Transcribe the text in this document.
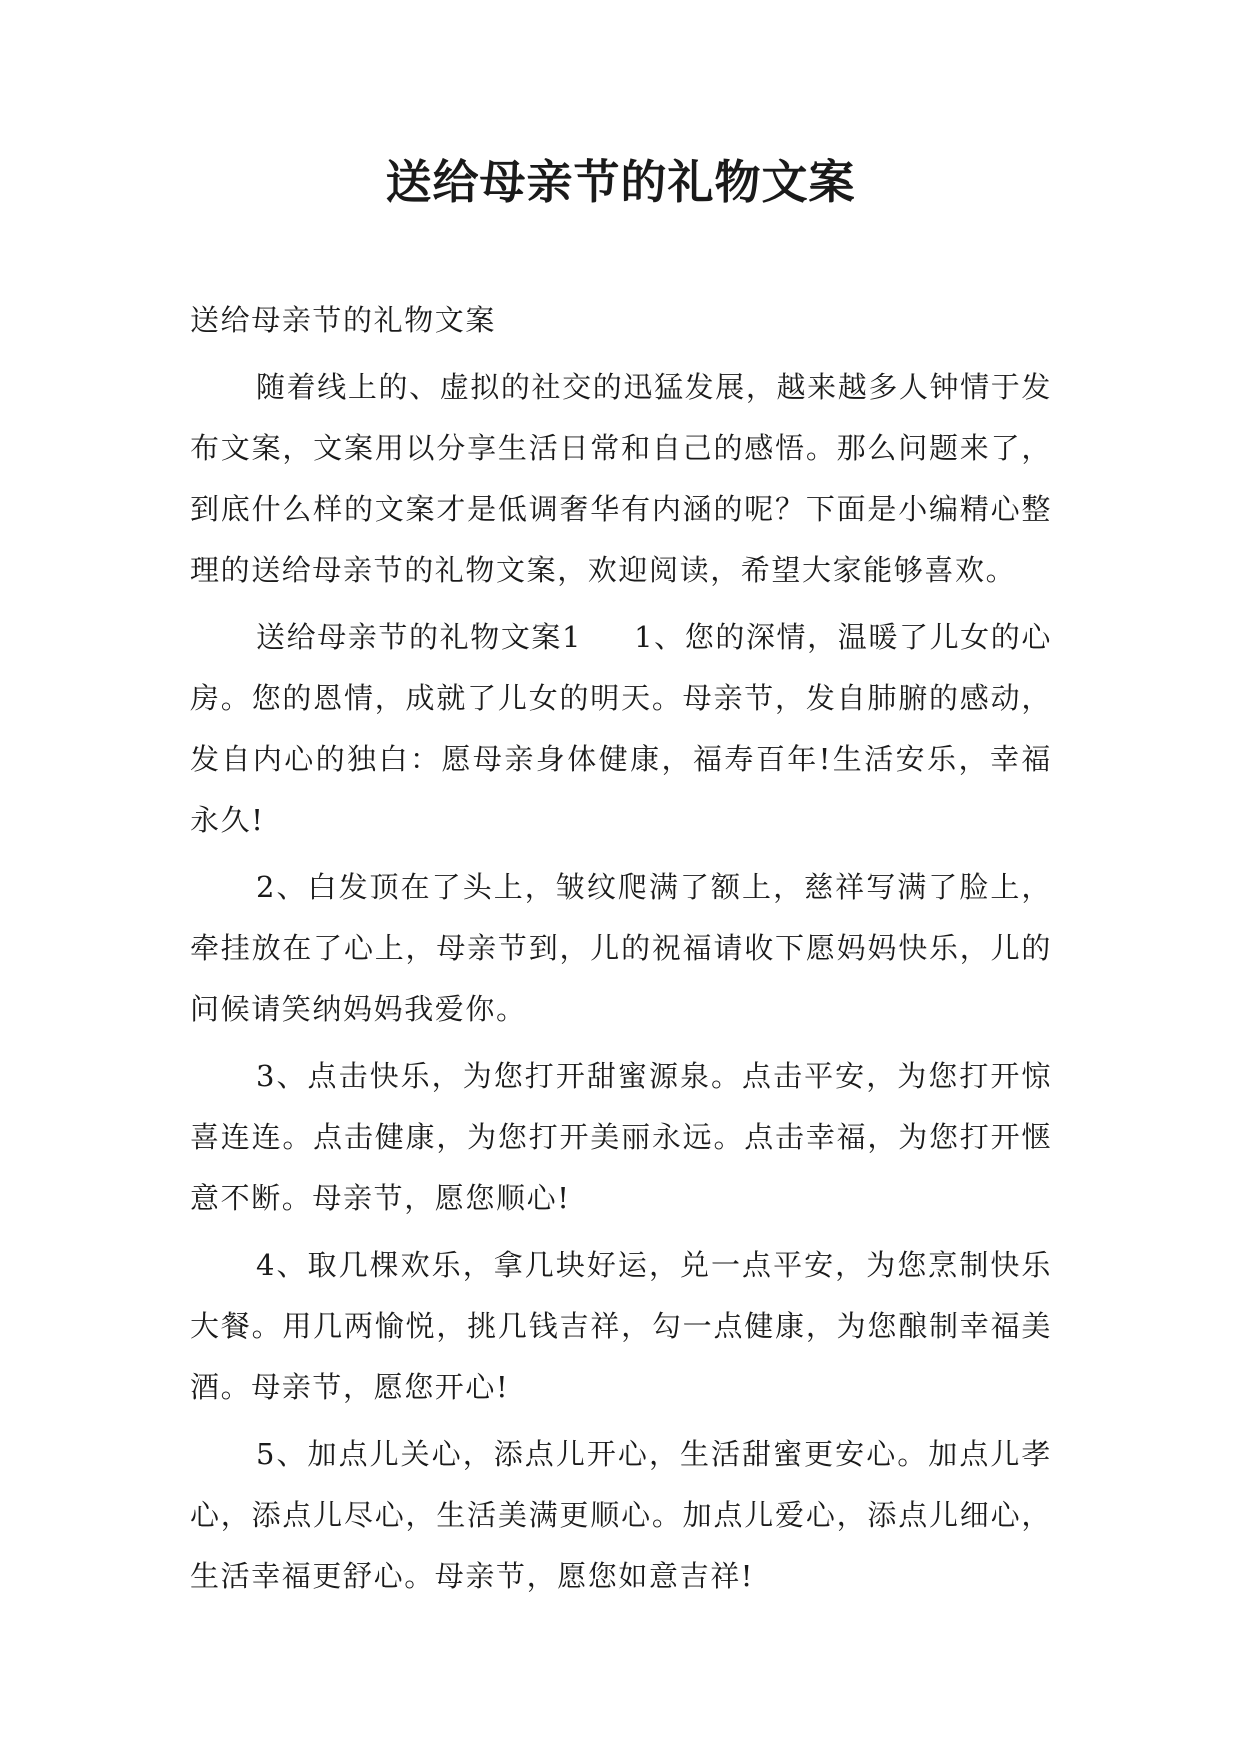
送给母亲节的礼物文案

送给母亲节的礼物文案

随着线上的、虚拟的社交的迅猛发展，越来越多人钟情于发布文案，文案用以分享生活日常和自己的感悟。那么问题来了，到底什么样的文案才是低调奢华有内涵的呢？下面是小编精心整理的送给母亲节的礼物文案，欢迎阅读，希望大家能够喜欢。

送给母亲节的礼物文案1 1、您的深情，温暖了儿女的心房。您的恩情，成就了儿女的明天。母亲节，发自肺腑的感动，发自内心的独白：愿母亲身体健康，福寿百年!生活安乐，幸福永久!

2、白发顶在了头上，皱纹爬满了额上，慈祥写满了脸上，牵挂放在了心上，母亲节到，儿的祝福请收下愿妈妈快乐，儿的问候请笑纳妈妈我爱你。

3、点击快乐，为您打开甜蜜源泉。点击平安，为您打开惊喜连连。点击健康，为您打开美丽永远。点击幸福，为您打开惬意不断。母亲节，愿您顺心!

4、取几棵欢乐，拿几块好运，兑一点平安，为您烹制快乐大餐。用几两愉悦，挑几钱吉祥，勾一点健康，为您酿制幸福美酒。母亲节，愿您开心!

5、加点儿关心，添点儿开心，生活甜蜜更安心。加点儿孝心，添点儿尽心，生活美满更顺心。加点儿爱心，添点儿细心，生活幸福更舒心。母亲节，愿您如意吉祥!
